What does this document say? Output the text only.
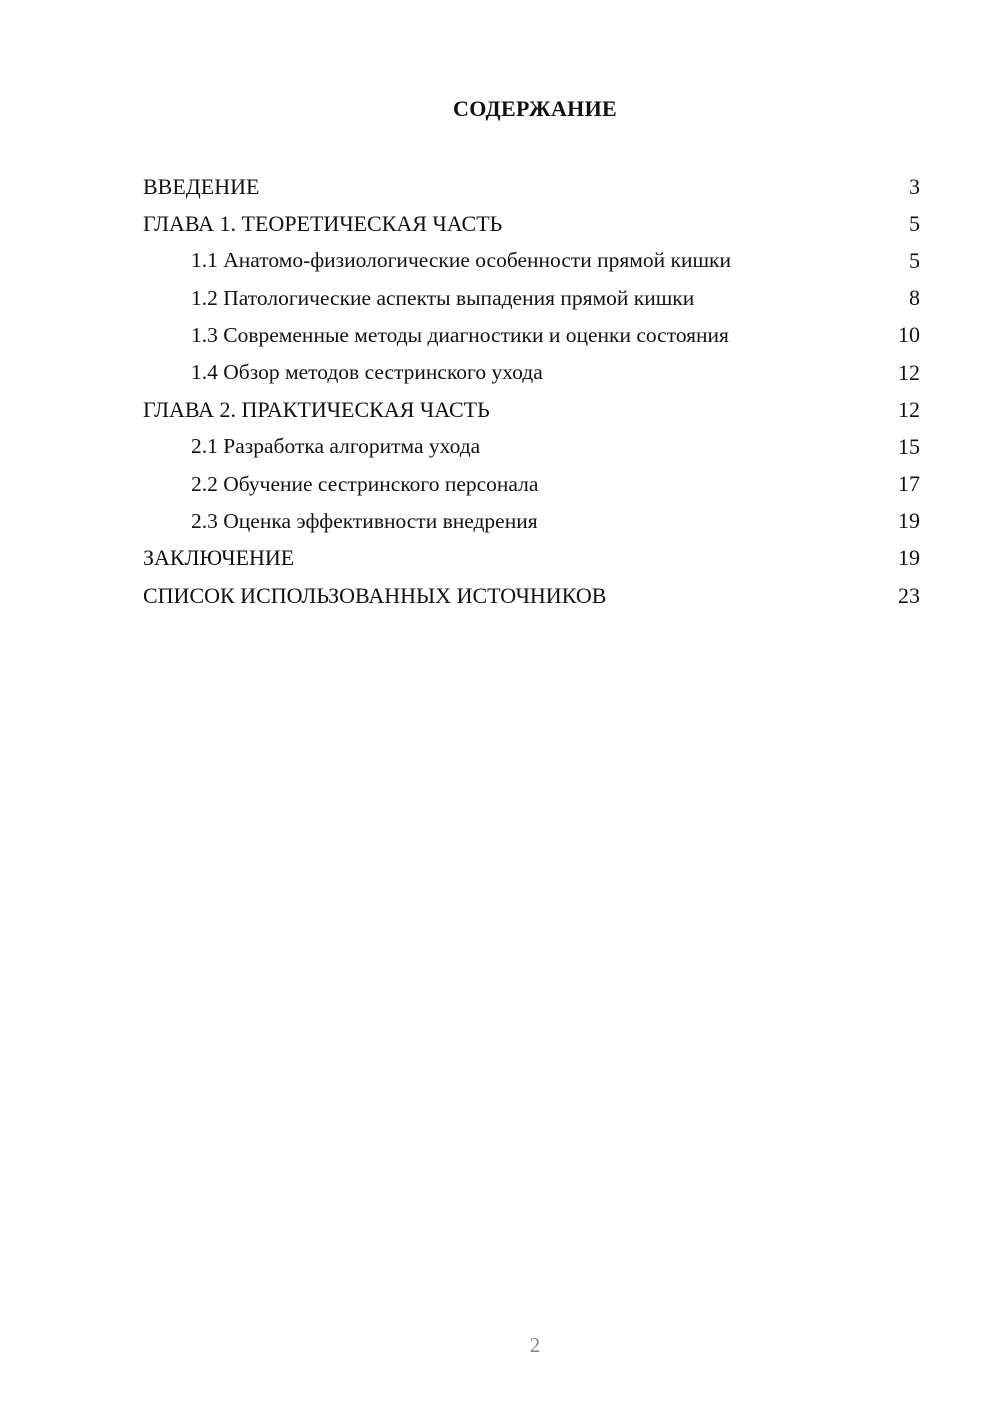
СОДЕРЖАНИЕ
ВВЕДЕНИЕ	3
ГЛАВА 1. ТЕОРЕТИЧЕСКАЯ ЧАСТЬ	5
1.1 Анатомо-физиологические особенности прямой кишки	5
1.2 Патологические аспекты выпадения прямой кишки	8
1.3 Современные методы диагностики и оценки состояния	10
1.4 Обзор методов сестринского ухода	12
ГЛАВА 2. ПРАКТИЧЕСКАЯ ЧАСТЬ	12
2.1 Разработка алгоритма ухода	15
2.2 Обучение сестринского персонала	17
2.3 Оценка эффективности внедрения	19
ЗАКЛЮЧЕНИЕ	19
СПИСОК ИСПОЛЬЗОВАННЫХ ИСТОЧНИКОВ	23
2
